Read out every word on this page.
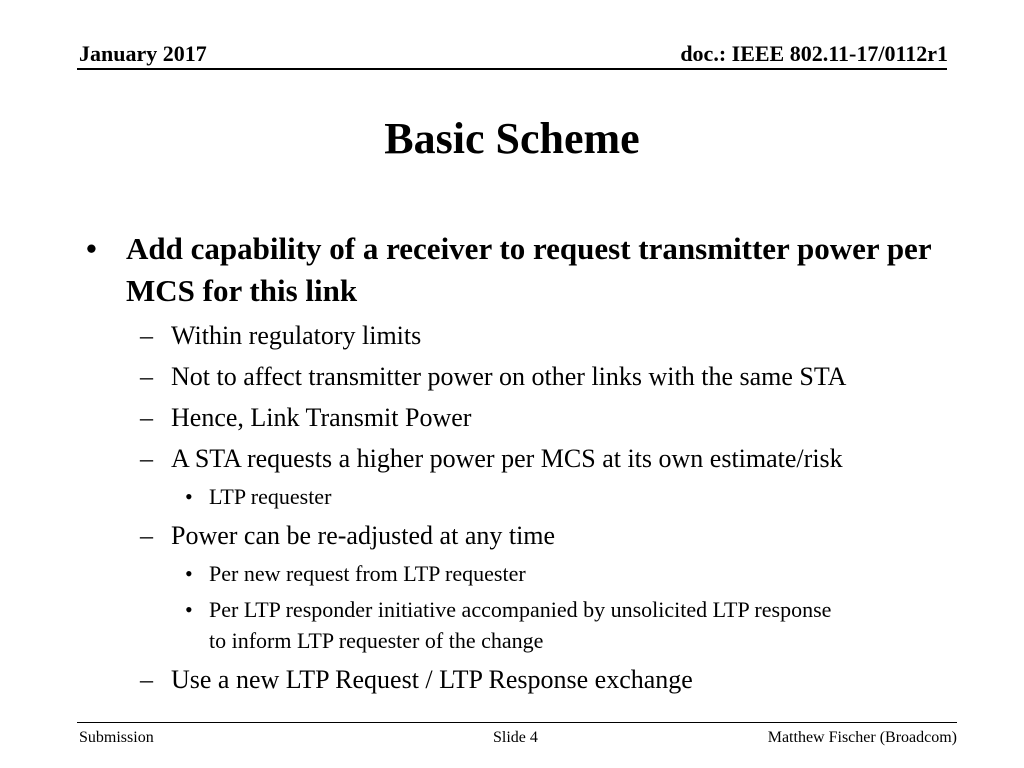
January 2017	doc.: IEEE 802.11-17/0112r1
Basic Scheme
• Add capability of a receiver to request transmitter power per MCS for this link
– Within regulatory limits
– Not to affect transmitter power on other links with the same STA
– Hence, Link Transmit Power
– A STA requests a higher power per MCS at its own estimate/risk
• LTP requester
– Power can be re-adjusted at any time
• Per new request from LTP requester
• Per LTP responder initiative accompanied by unsolicited LTP response to inform LTP requester of the change
– Use a new LTP Request / LTP Response exchange
Submission	Slide 4	Matthew Fischer (Broadcom)
